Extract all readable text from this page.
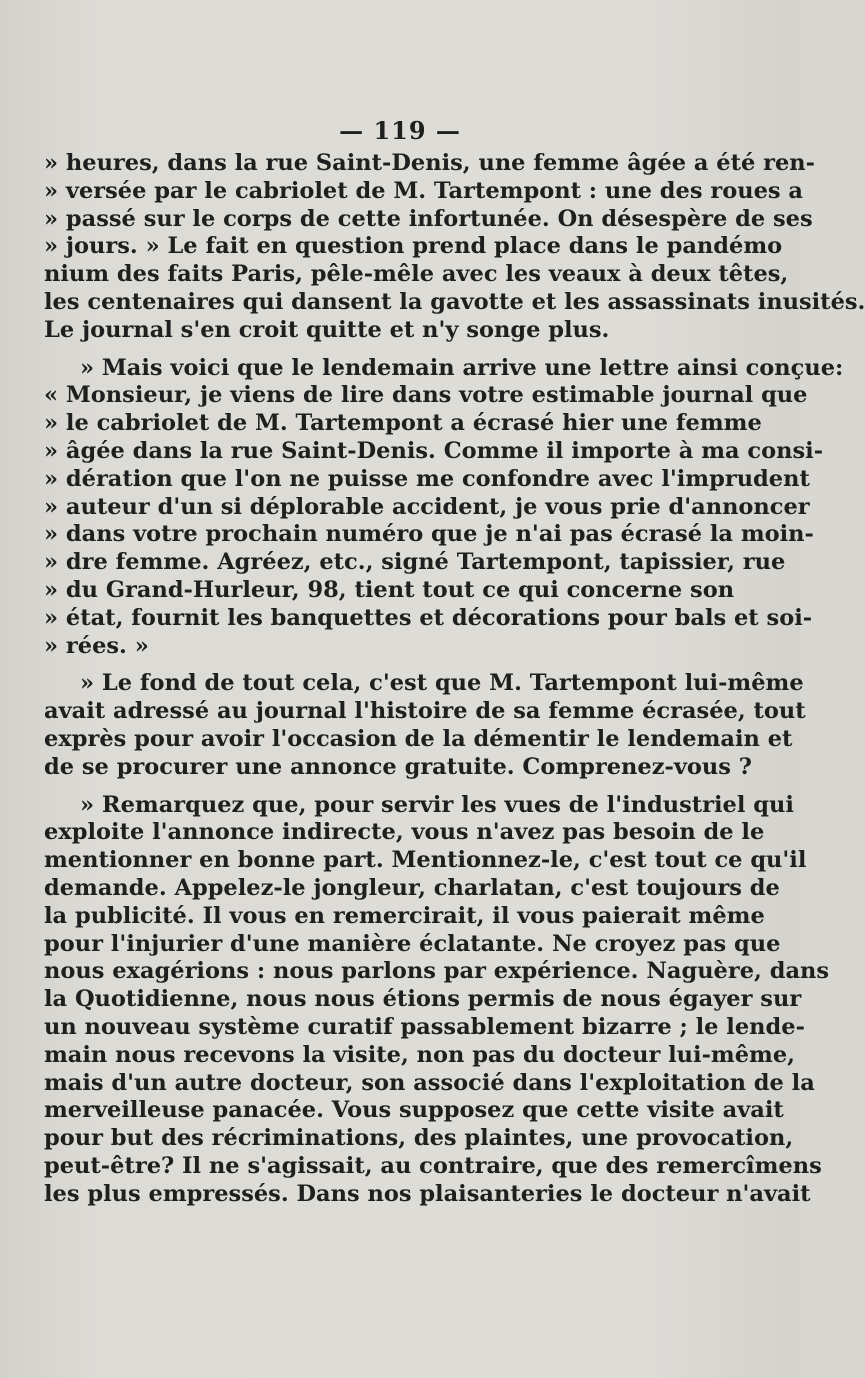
— 119 —

» heures, dans la rue Saint-Denis, une femme âgée a été ren-
» versée par le cabriolet de M. Tartempont : une des roues a
» passé sur le corps de cette infortunée. On désespère de ses
» jours. » Le fait en question prend place dans le pandémo
nium des faits Paris, pêle-mêle avec les veaux à deux têtes,
les centenaires qui dansent la gavotte et les assassinats inusités.
Le journal s'en croit quitte et n'y songe plus.

» Mais voici que le lendemain arrive une lettre ainsi conçue:
« Monsieur, je viens de lire dans votre estimable journal que
» le cabriolet de M. Tartempont a écrasé hier une femme
» âgée dans la rue Saint-Denis. Comme il importe à ma consi-
» dération que l'on ne puisse me confondre avec l'imprudent
» auteur d'un si déplorable accident, je vous prie d'annoncer
» dans votre prochain numéro que je n'ai pas écrasé la moin-
» dre femme. Agréez, etc., signé Tartempont, tapissier, rue
» du Grand-Hurleur, 98, tient tout ce qui concerne son
» état, fournit les banquettes et décorations pour bals et soi-
» rées. »

» Le fond de tout cela, c'est que M. Tartempont lui-même
avait adressé au journal l'histoire de sa femme écrasée, tout
exprès pour avoir l'occasion de la démentir le lendemain et
de se procurer une annonce gratuite. Comprenez-vous ?

» Remarquez que, pour servir les vues de l'industriel qui
exploite l'annonce indirecte, vous n'avez pas besoin de le
mentionner en bonne part. Mentionnez-le, c'est tout ce qu'il
demande. Appelez-le jongleur, charlatan, c'est toujours de
la publicité. Il vous en remercirait, il vous paierait même
pour l'injurier d'une manière éclatante. Ne croyez pas que
nous exagérions : nous parlons par expérience. Naguère, dans
la Quotidienne, nous nous étions permis de nous égayer sur
un nouveau système curatif passablement bizarre ; le lende-
main nous recevons la visite, non pas du docteur lui-même,
mais d'un autre docteur, son associé dans l'exploitation de la
merveilleuse panacée. Vous supposez que cette visite avait
pour but des récriminations, des plaintes, une provocation,
peut-être? Il ne s'agissait, au contraire, que des remercîmens
les plus empressés. Dans nos plaisanteries le docteur n'avait
